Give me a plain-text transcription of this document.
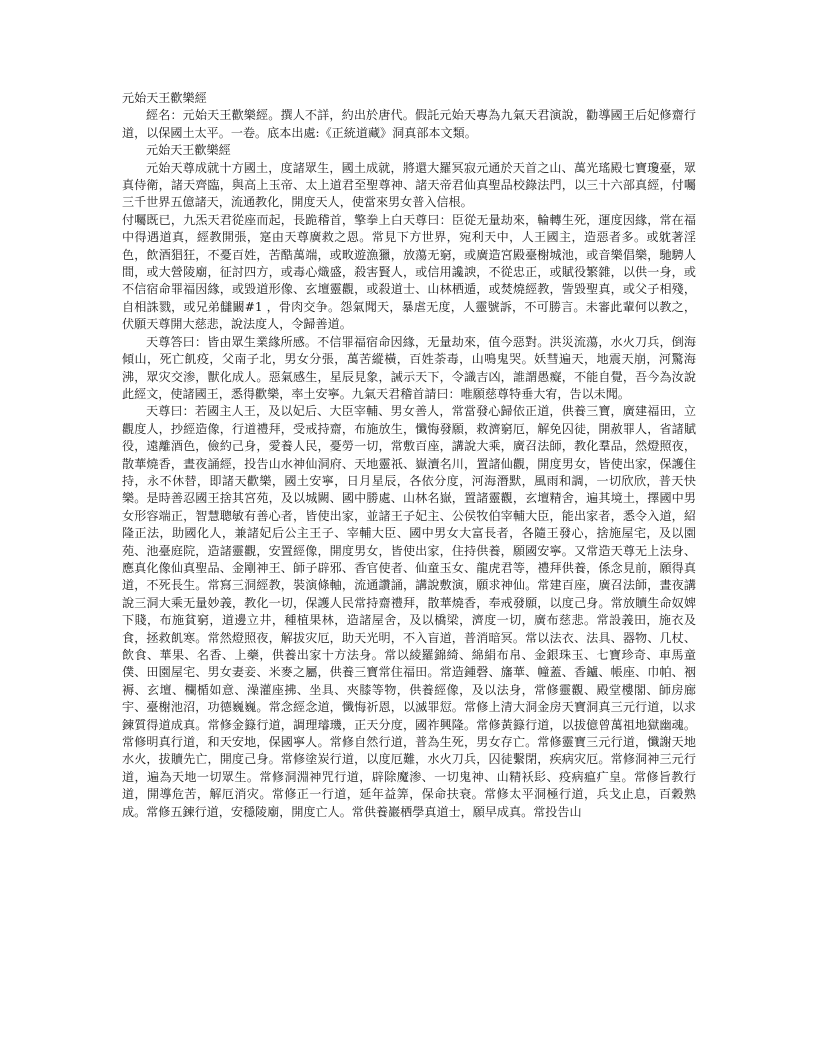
元始天王歡樂經

經名：元始天王歡樂經。撰人不詳，約出於唐代。假託元始天專為九氣天君演說，勸導國王后妃修齋行道，以保國土太平。一卷。底本出處:《正統道藏》洞真部本文類。

元始天王歡樂經

元始天尊成就十方國土，度諸眾生，國土成就，將還大羅冥寂元通於天首之山、萬光瑤殿七寶瓊臺，眾真侍衛，諸天齊臨，與高上玉帝、太上道君至聖尊神、諸天帝君仙真聖品校錄法門，以三十六部真經，付囑三千世界五億諸天，流通教化，開度天人，使當來男女普入信根。

付囑既已，九炁天君從座而起，長跪稽首，擎拳上白天尊曰：臣從无量劫來，輪轉生死，運度因緣，常在福中得遇道真，經教開張，寔由天尊廣救之恩。常見下方世界，宛利天中，人王國主，造惡者多。或躭著淫色，飲酒猖狂，不憂百姓，苦酷萬端，或畋遊漁獵，放蕩无窮，或廣造宮殿臺榭城池，或音樂倡樂，馳騁人間，或大營陵廟，征討四方，或毒心熾盛，殺害賢人，或信用讒諛，不從忠正，或賦役繁雜，以供一身，或不信宿命罪福因緣，或毀道形像、玄壇靈觀，或殺道士、山林栖遁，或焚燒經教，訾毀聖真，或父子相殘，自相誅戮，或兄弟讎闞#1 ，骨肉交争。怨氣聞天，暴虐无度，人靈號訴，不可勝言。未審此輩何以教之，伏願天尊開大慈悲，說法度人，令歸善道。

天尊答曰：皆由眾生業緣所感。不信罪福宿命因緣，无量劫來，值今惡對。洪災流蕩，水火刀兵，倒海傾山，死亡飢疫，父南子北，男女分張，萬苦縱橫，百姓荼毒，山鳴鬼哭。妖彗遍天，地震天崩，河驚海沸，眾灾交渗，獸化成人。惡氣感生，星辰見象，誡示天下，令識吉凶，誰謂愚癡，不能自覺，吾今為汝說此經文，使諸國王，悉得歡樂，率土安寧。九氣天君稽首請曰：唯願慈尊特垂大宥，告以未聞。

天尊曰：若國主人王，及以妃后、大臣宰輔、男女善人，常當發心歸依正道，供養三寶，廣建福田，立觀度人，抄經造像，行道禮拜，受戒持齋，布施放生，懺悔發願，救濟窮厄，解免囚徒，開赦罪人，省諸賦役，遠離酒色，儉約己身，愛養人民，憂勞一切，常敷百座，講說大乘，廣召法師，教化羣品，然燈照夜，散華燒香，晝夜誦經，投告山水神仙洞府、天地靈祇、嶽瀆名川，置諸仙觀，開度男女，皆使出家，保護住持，永不休替，即諸天歡樂，國土安寧，日月星辰，各依分度，河海潛默，風雨和調，一切欣欣，普天快樂。是時善忍國王捨其宮苑，及以城闕、國中勝處、山林名嶽，置諸靈觀，玄壇精舍，遍其境土，擇國中男女形容端正，智慧聰敏有善心者，皆使出家，並諸王子妃主、公侯牧伯宰輔大臣，能出家者，悉令入道，紹隆正法，助國化人，兼諸妃后公主王子、宰輔大臣、國中男女大富長者，各隨王發心，捨施屋宅，及以園苑、池臺庭院，造諸靈觀，安置經像，開度男女，皆使出家，住持供養，願國安寧。又常造天尊无上法身、應真化像仙真聖品、金剛神王、師子辟邪、香官使者、仙童玉女、龍虎君等，禮拜供養，係念見前，願得真道，不死長生。常寫三洞經教，裝演條軸，流通讚誦，講說敷演，願求神仙。常建百座，廣召法師，晝夜講說三洞大乘无量妙義，教化一切，保護人民常持齋禮拜，散華燒香，奉戒發願，以度己身。常放贖生命奴婢下賤，布施貧窮，道邊立井，種植果林，造諸屋舍，及以橋梁，濟度一切，廣布慈悲。常設義田，施衣及食，拯救飢寒。常然燈照夜，解拔灾厄，助天光明，不入盲道，普消暗冥。常以法衣、法具、器物、几杖、飲食、華果、名香、上藥，供養出家十方法身。常以綾羅錦綺、綿絹布帛、金銀珠玉、七寶珍奇、車馬童僕、田園屋宅、男女妻妾、米麥之屬，供養三寶常住福田。常造鍾磬、旛華、幢蓋、香鑪、帳座、巾帕、裀褥、玄壇、欄楯如意、澡灌座拂、坐具、夾膝等物，供養經像，及以法身，常修靈觀、殿堂樓閣、師房廊宇、臺榭池沼，功德巍巍。常念經念道，懺悔祈恩，以滅罪愆。常修上清大洞金房天寶洞真三元行道，以求鍊質得道成真。常修金籙行道，調理璿璣，正天分度，國祚興隆。常修黃籙行道，以拔億曾萬祖地獄幽魂。常修明真行道，和天安地，保國寧人。常修自然行道，普為生死，男女存亡。常修靈寶三元行道，懺謝天地水火，拔贖先亡，開度己身。常修塗炭行道，以度厄難，水火刀兵，囚徒繫閉，疾病灾厄。常修洞神三元行道，遍為天地一切眾生。常修洞淵神咒行道，辟除魔渗、一切鬼神、山精袄髟、疫病瘟疒皇。常修旨教行道，開導危苦，解厄消灾。常修正一行道，延年益筭，保命扶衰。常修太平洞極行道，兵戈止息，百穀熟成。常修五鍊行道，安穩陵廟，開度亡人。常供養巖栖學真道士，願早成真。常投告山
